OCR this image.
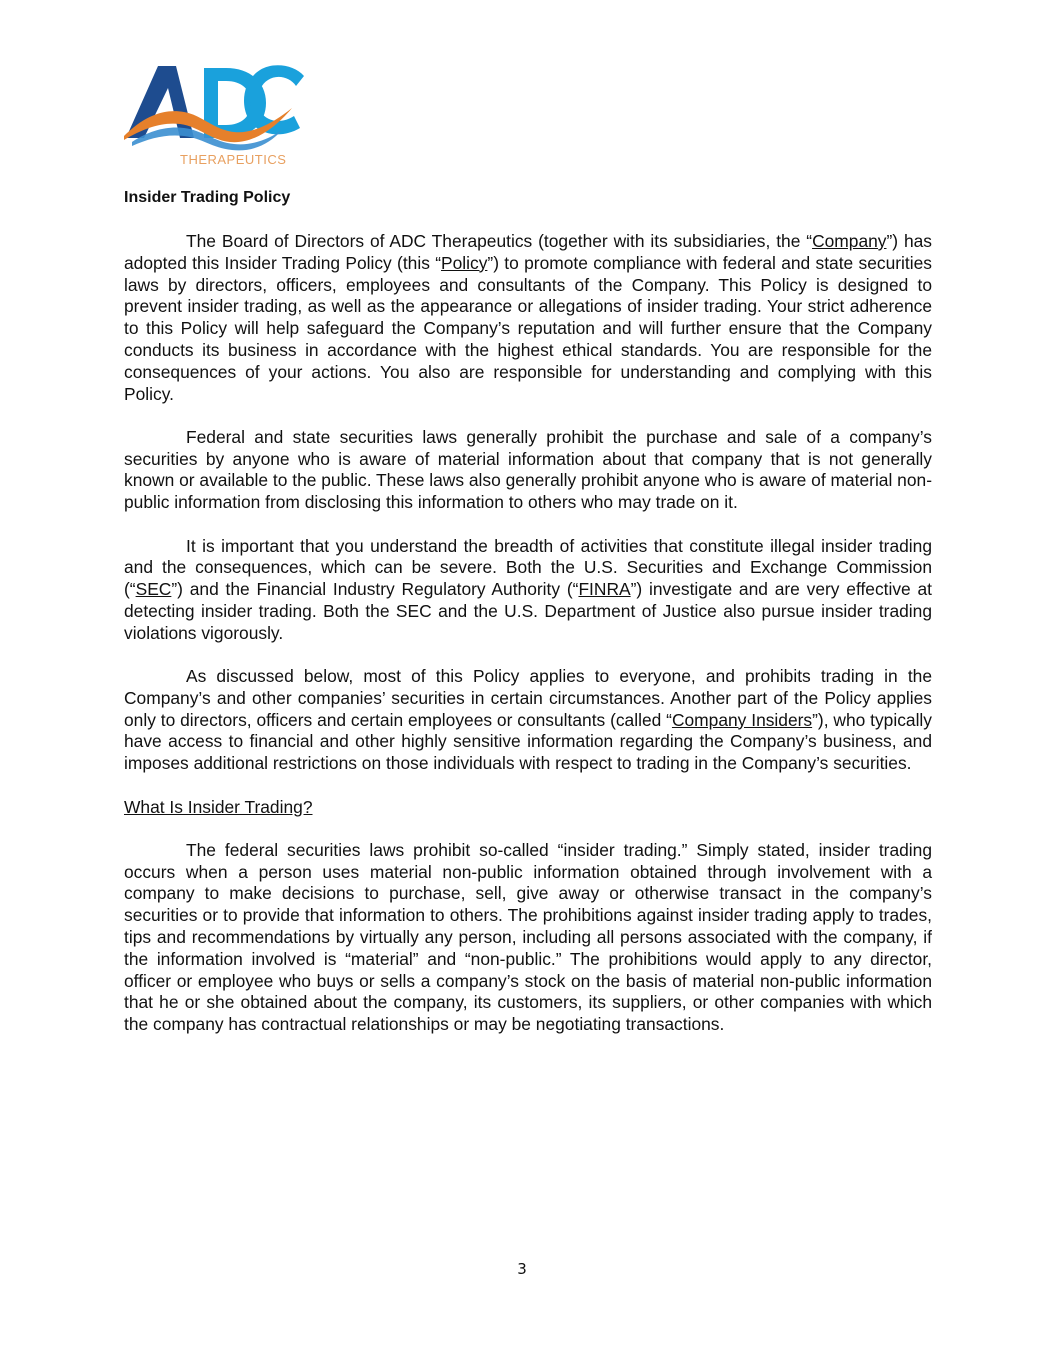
THERAPEUTICS
Insider Trading Policy

The Board of Directors of ADC Therapeutics (together with its subsidiaries, the “Company”) has adopted this Insider Trading Policy (this “Policy”) to promote compliance with federal and state securities laws by directors, officers, employees and consultants of the Company. This Policy is designed to prevent insider trading, as well as the appearance or allegations of insider trading. Your strict adherence to this Policy will help safeguard the Company’s reputation and will further ensure that the Company conducts its business in accordance with the highest ethical standards. You are responsible for the consequences of your actions. You also are responsible for understanding and complying with this Policy.

Federal and state securities laws generally prohibit the purchase and sale of a company’s securities by anyone who is aware of material information about that company that is not generally known or available to the public. These laws also generally prohibit anyone who is aware of material non-public information from disclosing this information to others who may trade on it.

It is important that you understand the breadth of activities that constitute illegal insider trading and the consequences, which can be severe. Both the U.S. Securities and Exchange Commission (“SEC”) and the Financial Industry Regulatory Authority (“FINRA”) investigate and are very effective at detecting insider trading. Both the SEC and the U.S. Department of Justice also pursue insider trading violations vigorously.

As discussed below, most of this Policy applies to everyone, and prohibits trading in the Company’s and other companies’ securities in certain circumstances. Another part of the Policy applies only to directors, officers and certain employees or consultants (called “Company Insiders”), who typically have access to financial and other highly sensitive information regarding the Company’s business, and imposes additional restrictions on those individuals with respect to trading in the Company’s securities.

What Is Insider Trading?

The federal securities laws prohibit so-called “insider trading.” Simply stated, insider trading occurs when a person uses material non-public information obtained through involvement with a company to make decisions to purchase, sell, give away or otherwise transact in the company’s securities or to provide that information to others. The prohibitions against insider trading apply to trades, tips and recommendations by virtually any person, including all persons associated with the company, if the information involved is “material” and “non-public.” The prohibitions would apply to any director, officer or employee who buys or sells a company’s stock on the basis of material non-public information that he or she obtained about the company, its customers, its suppliers, or other companies with which the company has contractual relationships or may be negotiating transactions.

3
